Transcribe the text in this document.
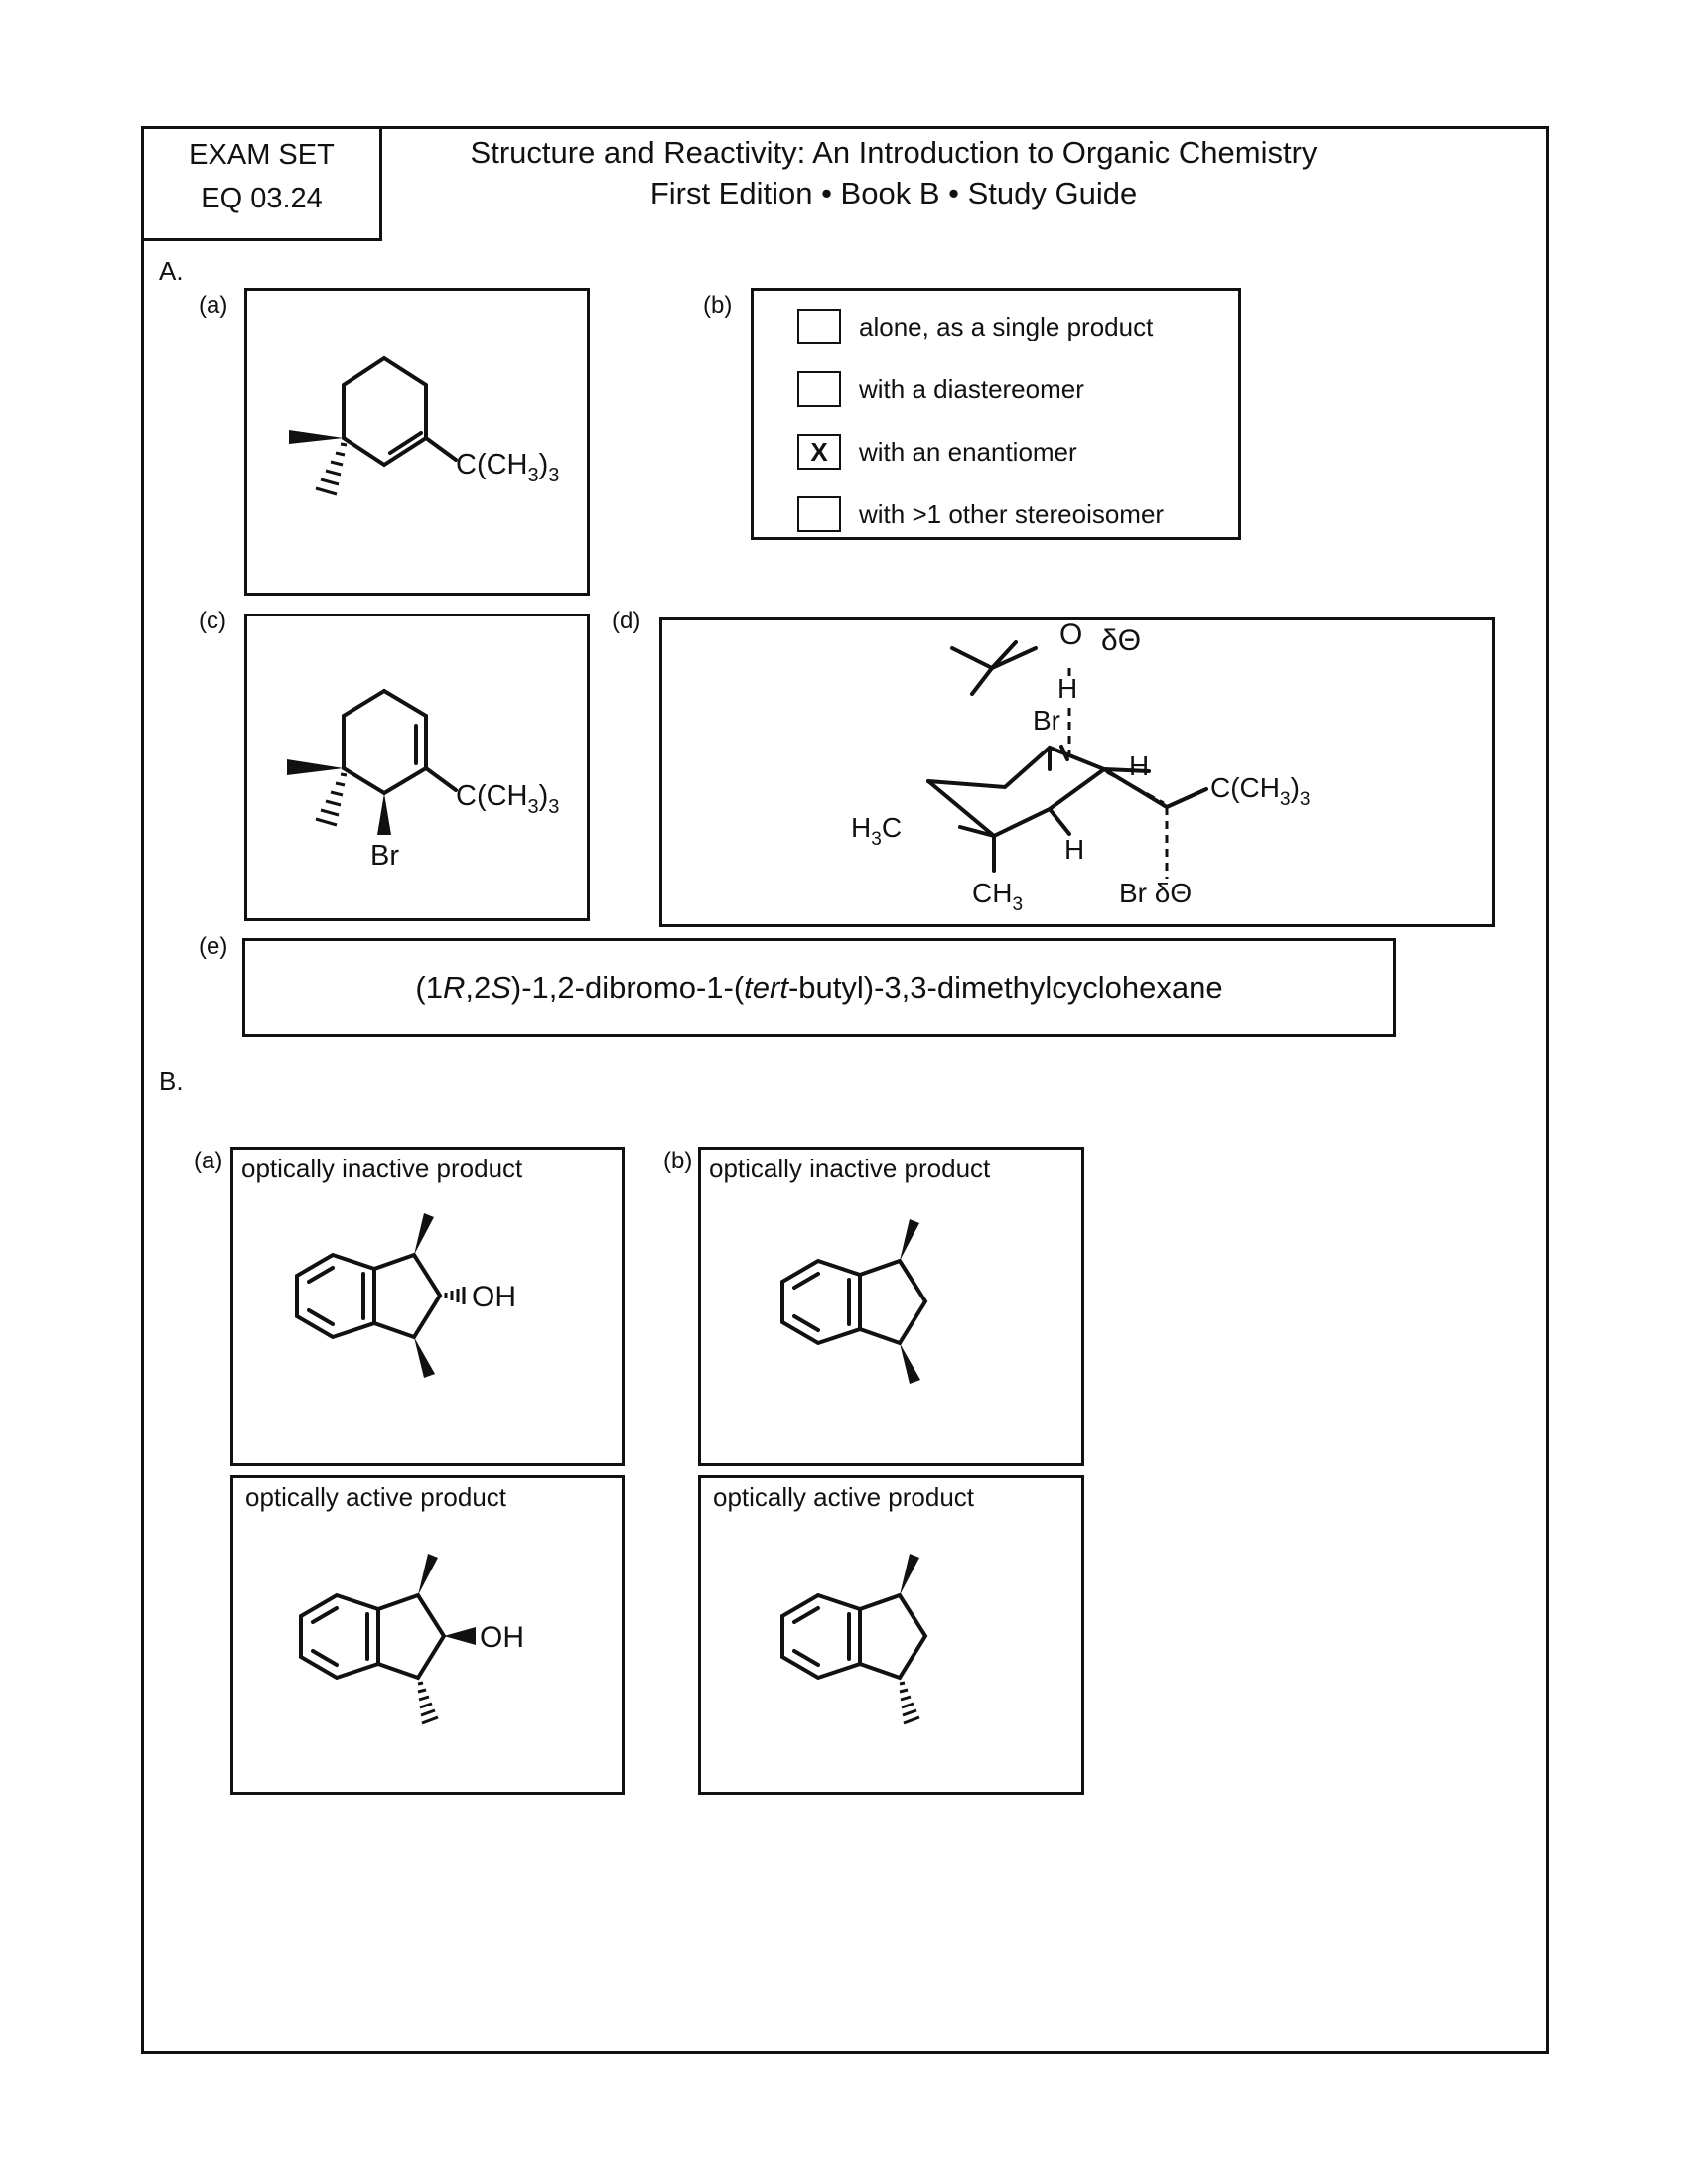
EXAM SET
EQ 03.24
Structure and Reactivity: An Introduction to Organic Chemistry
First Edition • Book B • Study Guide
A.
(a)
$C(CH_3)_3$
(b)
alone, as a single product
with a diastereomer
X	with an enantiomer
with >1 other stereoisomer
(c)
$C(CH_3)_3$
Br
(d)	O δΘ
H
Br
H
$C(CH_3)_3$
$H_3C$
H
$CH_3$	Br δΘ
(e)
(1R,2S)-1,2-dibromo-1-(tert-butyl)-3,3-dimethylcyclohexane
B.
(a)	(b)
optically inactive product
OH
optically inactive product
optically active product
OH
optically active product
